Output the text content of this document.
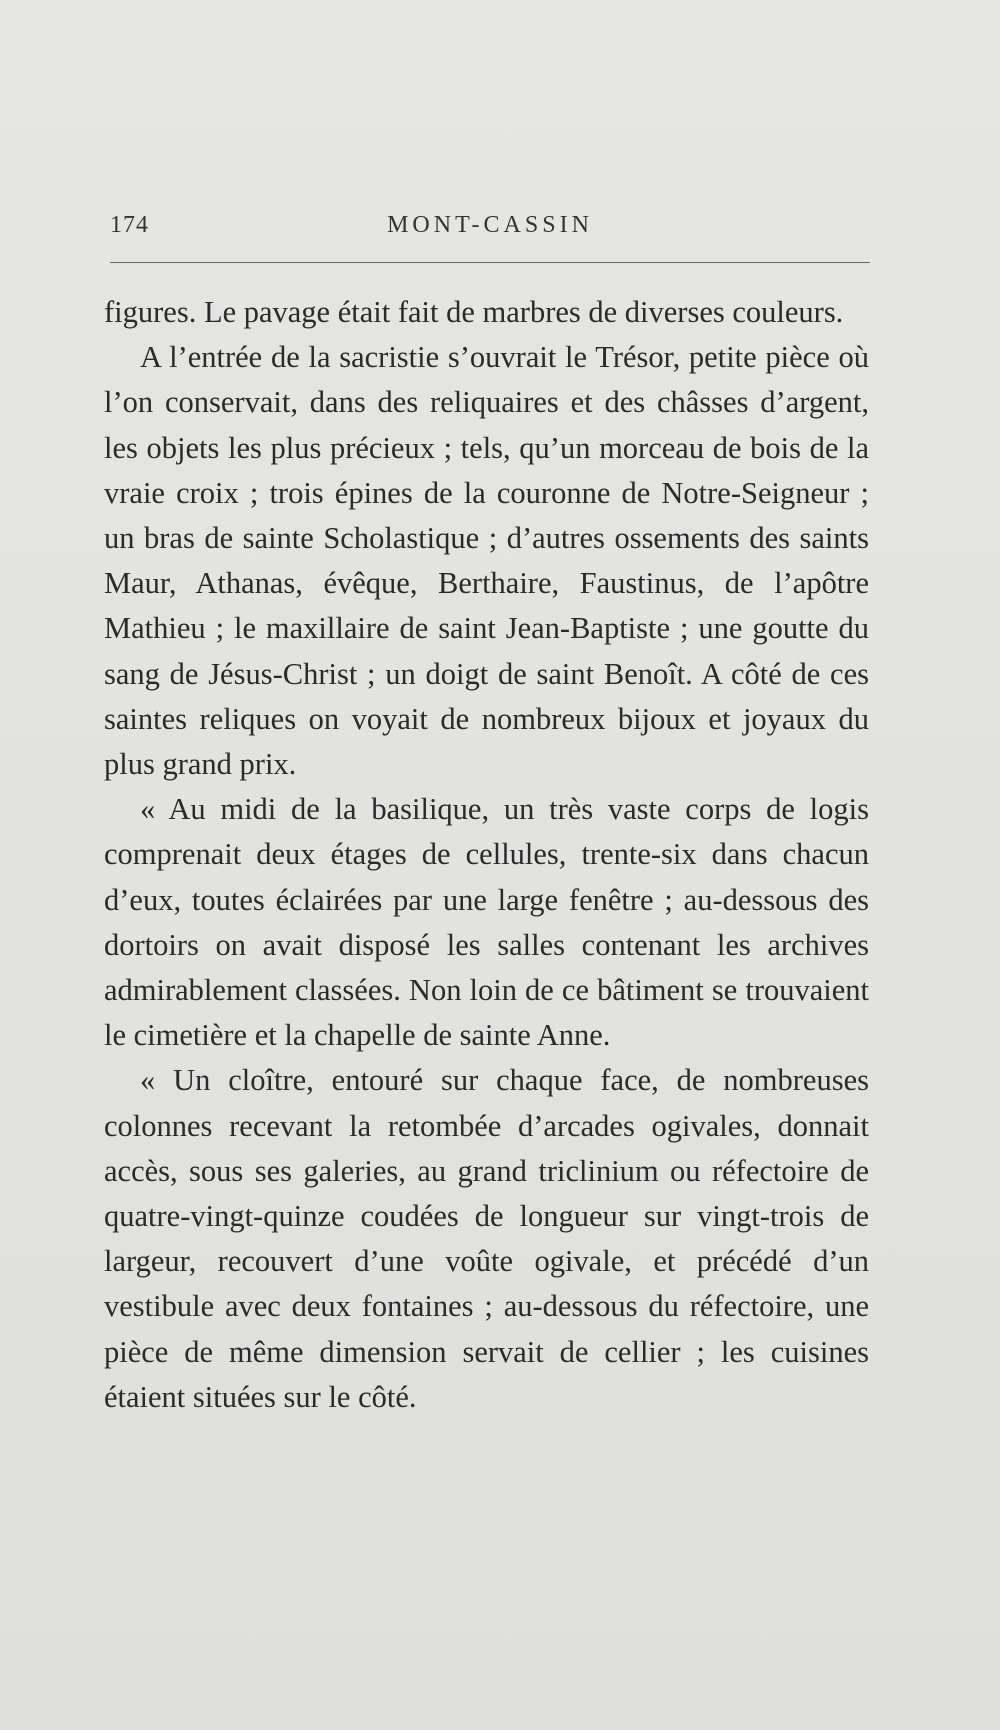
174	MONT-CASSIN

figures. Le pavage était fait de marbres de diverses couleurs.

A l’entrée de la sacristie s’ouvrait le Trésor, petite pièce où l’on conservait, dans des reliquaires et des châsses d’argent, les objets les plus précieux ; tels, qu’un morceau de bois de la vraie croix ; trois épines de la couronne de Notre-Seigneur ; un bras de sainte Scholastique ; d’autres ossements des saints Maur, Athanas, évêque, Berthaire, Faustinus, de l’apôtre Mathieu ; le maxillaire de saint Jean-Baptiste ; une goutte du sang de Jésus-Christ ; un doigt de saint Benoît. A côté de ces saintes reliques on voyait de nombreux bijoux et joyaux du plus grand prix.

« Au midi de la basilique, un très vaste corps de logis comprenait deux étages de cellules, trente-six dans chacun d’eux, toutes éclairées par une large fenêtre ; au-dessous des dortoirs on avait disposé les salles contenant les archives admirablement classées. Non loin de ce bâtiment se trouvaient le cimetière et la chapelle de sainte Anne.

« Un cloître, entouré sur chaque face, de nombreuses colonnes recevant la retombée d’arcades ogivales, donnait accès, sous ses galeries, au grand triclinium ou réfectoire de quatre-vingt-quinze coudées de longueur sur vingt-trois de largeur, recouvert d’une voûte ogivale, et précédé d’un vestibule avec deux fontaines ; au-dessous du réfectoire, une pièce de même dimension servait de cellier ; les cuisines étaient situées sur le côté.
